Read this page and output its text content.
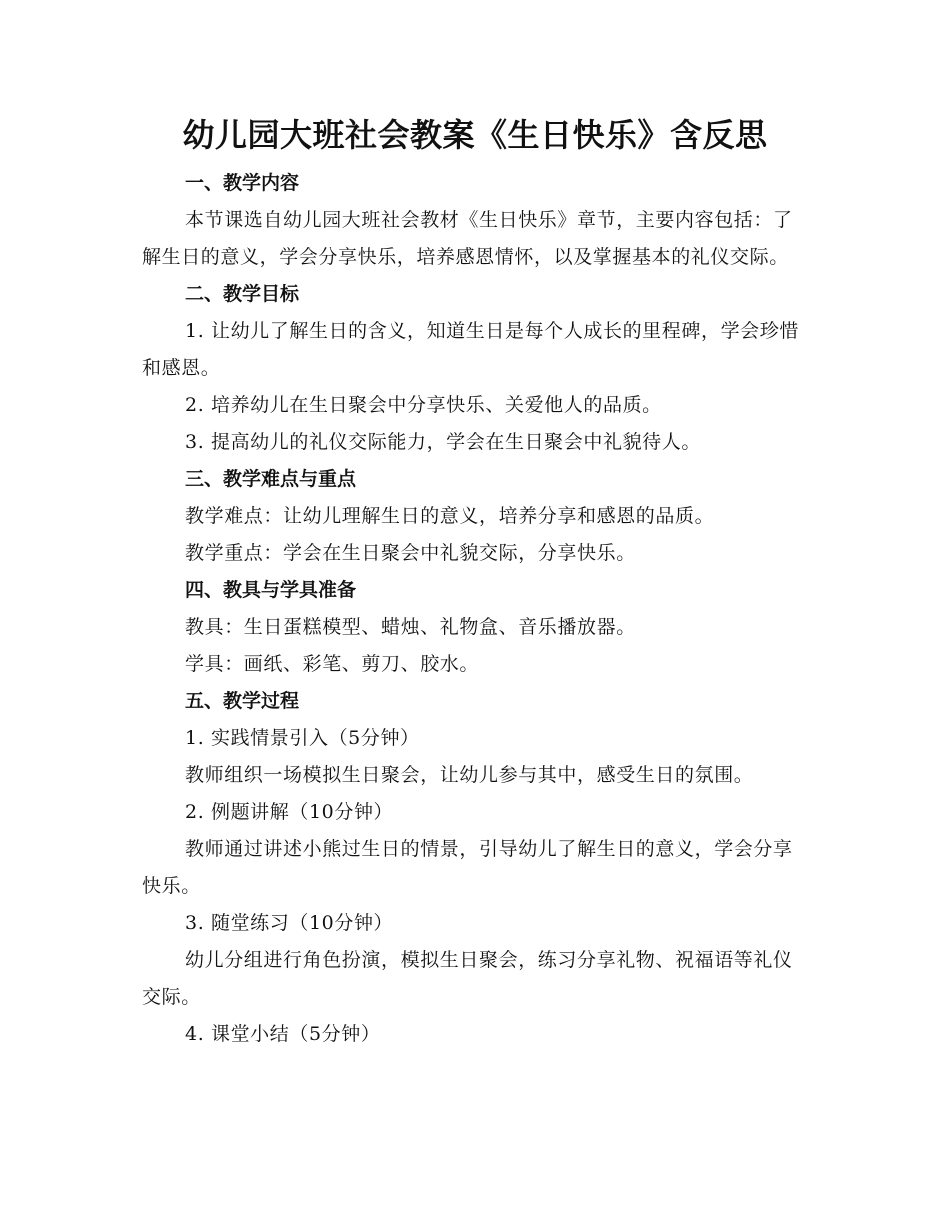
幼儿园大班社会教案《生日快乐》含反思

一、教学内容

本节课选自幼儿园大班社会教材《生日快乐》章节，主要内容包括：了解生日的意义，学会分享快乐，培养感恩情怀，以及掌握基本的礼仪交际。

二、教学目标

1. 让幼儿了解生日的含义，知道生日是每个人成长的里程碑，学会珍惜和感恩。

2. 培养幼儿在生日聚会中分享快乐、关爱他人的品质。

3. 提高幼儿的礼仪交际能力，学会在生日聚会中礼貌待人。

三、教学难点与重点

教学难点：让幼儿理解生日的意义，培养分享和感恩的品质。

教学重点：学会在生日聚会中礼貌交际，分享快乐。

四、教具与学具准备

教具：生日蛋糕模型、蜡烛、礼物盒、音乐播放器。

学具：画纸、彩笔、剪刀、胶水。

五、教学过程

1. 实践情景引入（5分钟）

教师组织一场模拟生日聚会，让幼儿参与其中，感受生日的氛围。

2. 例题讲解（10分钟）

教师通过讲述小熊过生日的情景，引导幼儿了解生日的意义，学会分享快乐。

3. 随堂练习（10分钟）

幼儿分组进行角色扮演，模拟生日聚会，练习分享礼物、祝福语等礼仪交际。

4. 课堂小结（5分钟）
